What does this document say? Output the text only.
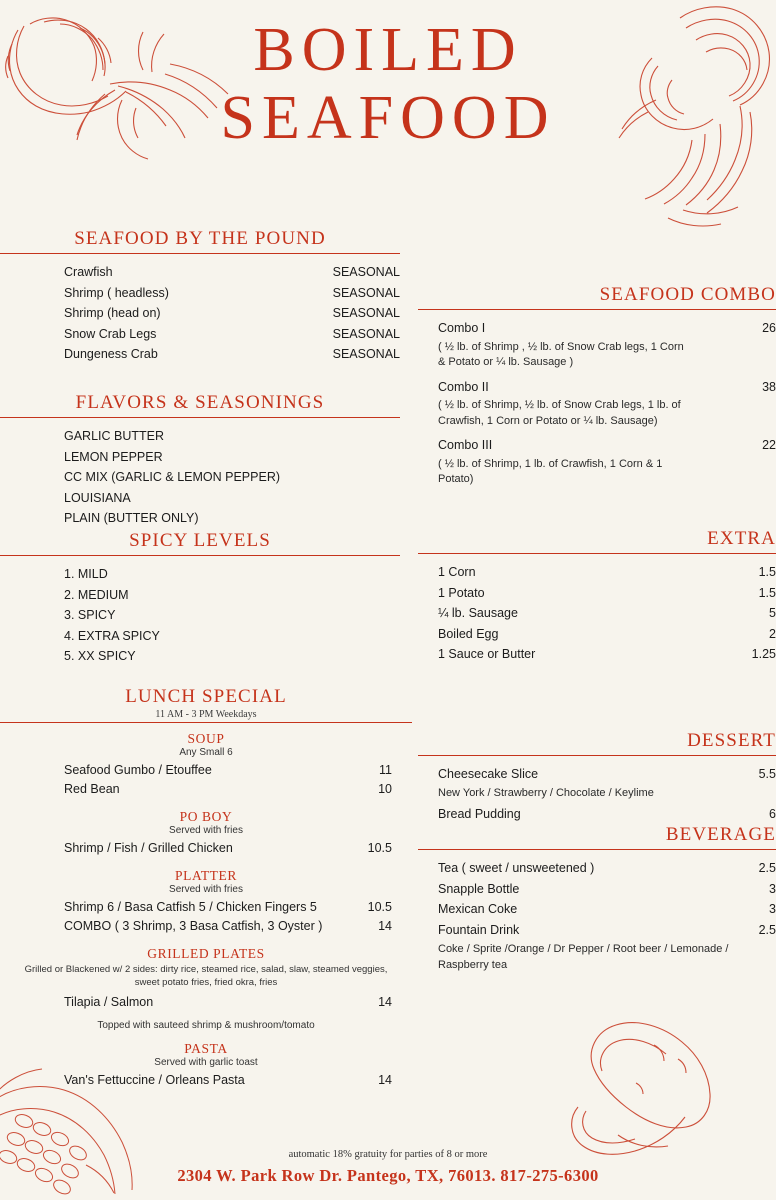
BOILED
SEAFOOD
SEAFOOD BY THE POUND
Crawfish	SEASONAL
Shrimp ( headless)	SEASONAL
Shrimp (head on)	SEASONAL
Snow Crab Legs	SEASONAL
Dungeness Crab	SEASONAL
FLAVORS & SEASONINGS
GARLIC BUTTER
LEMON PEPPER
CC MIX (GARLIC & LEMON PEPPER)
LOUISIANA
PLAIN (BUTTER ONLY)
SPICY LEVELS
1. MILD
2. MEDIUM
3. SPICY
4. EXTRA SPICY
5. XX SPICY
SEAFOOD COMBO
Combo I	26
( ½ lb. of Shrimp , ½ lb. of Snow Crab legs, 1 Corn & Potato or ¼ lb. Sausage )
Combo II	38
( ½ lb. of Shrimp, ½ lb. of Snow Crab legs, 1 lb. of Crawfish, 1 Corn or Potato or ¼ lb. Sausage)
Combo III	22
( ½ lb. of Shrimp, 1 lb. of Crawfish, 1 Corn & 1 Potato)
EXTRA
1 Corn	1.5
1 Potato	1.5
¼ lb. Sausage	5
Boiled Egg	2
1 Sauce or Butter	1.25
LUNCH SPECIAL
11 AM - 3 PM Weekdays
SOUP
Any Small 6
Seafood Gumbo / Etouffee	11
Red Bean	10
PO BOY
Served with fries
Shrimp / Fish / Grilled Chicken	10.5
PLATTER
Served with fries
Shrimp 6 / Basa Catfish 5 / Chicken Fingers 5	10.5
COMBO ( 3 Shrimp, 3 Basa Catfish, 3 Oyster )	14
GRILLED PLATES
Grilled or Blackened w/ 2 sides: dirty rice, steamed rice, salad, slaw, steamed veggies, sweet potato fries, fried okra, fries
Tilapia / Salmon	14
Topped with sauteed shrimp & mushroom/tomato
PASTA
Served with garlic toast
Van's Fettuccine / Orleans Pasta	14
DESSERT
Cheesecake Slice	5.5
New York / Strawberry / Chocolate / Keylime
Bread Pudding	6
BEVERAGE
Tea ( sweet / unsweetened )	2.5
Snapple Bottle	3
Mexican Coke	3
Fountain Drink	2.5
Coke / Sprite /Orange / Dr Pepper / Root beer / Lemonade / Raspberry tea
automatic 18% gratuity for parties of 8 or more
2304 W. Park Row Dr. Pantego, TX, 76013. 817-275-6300
